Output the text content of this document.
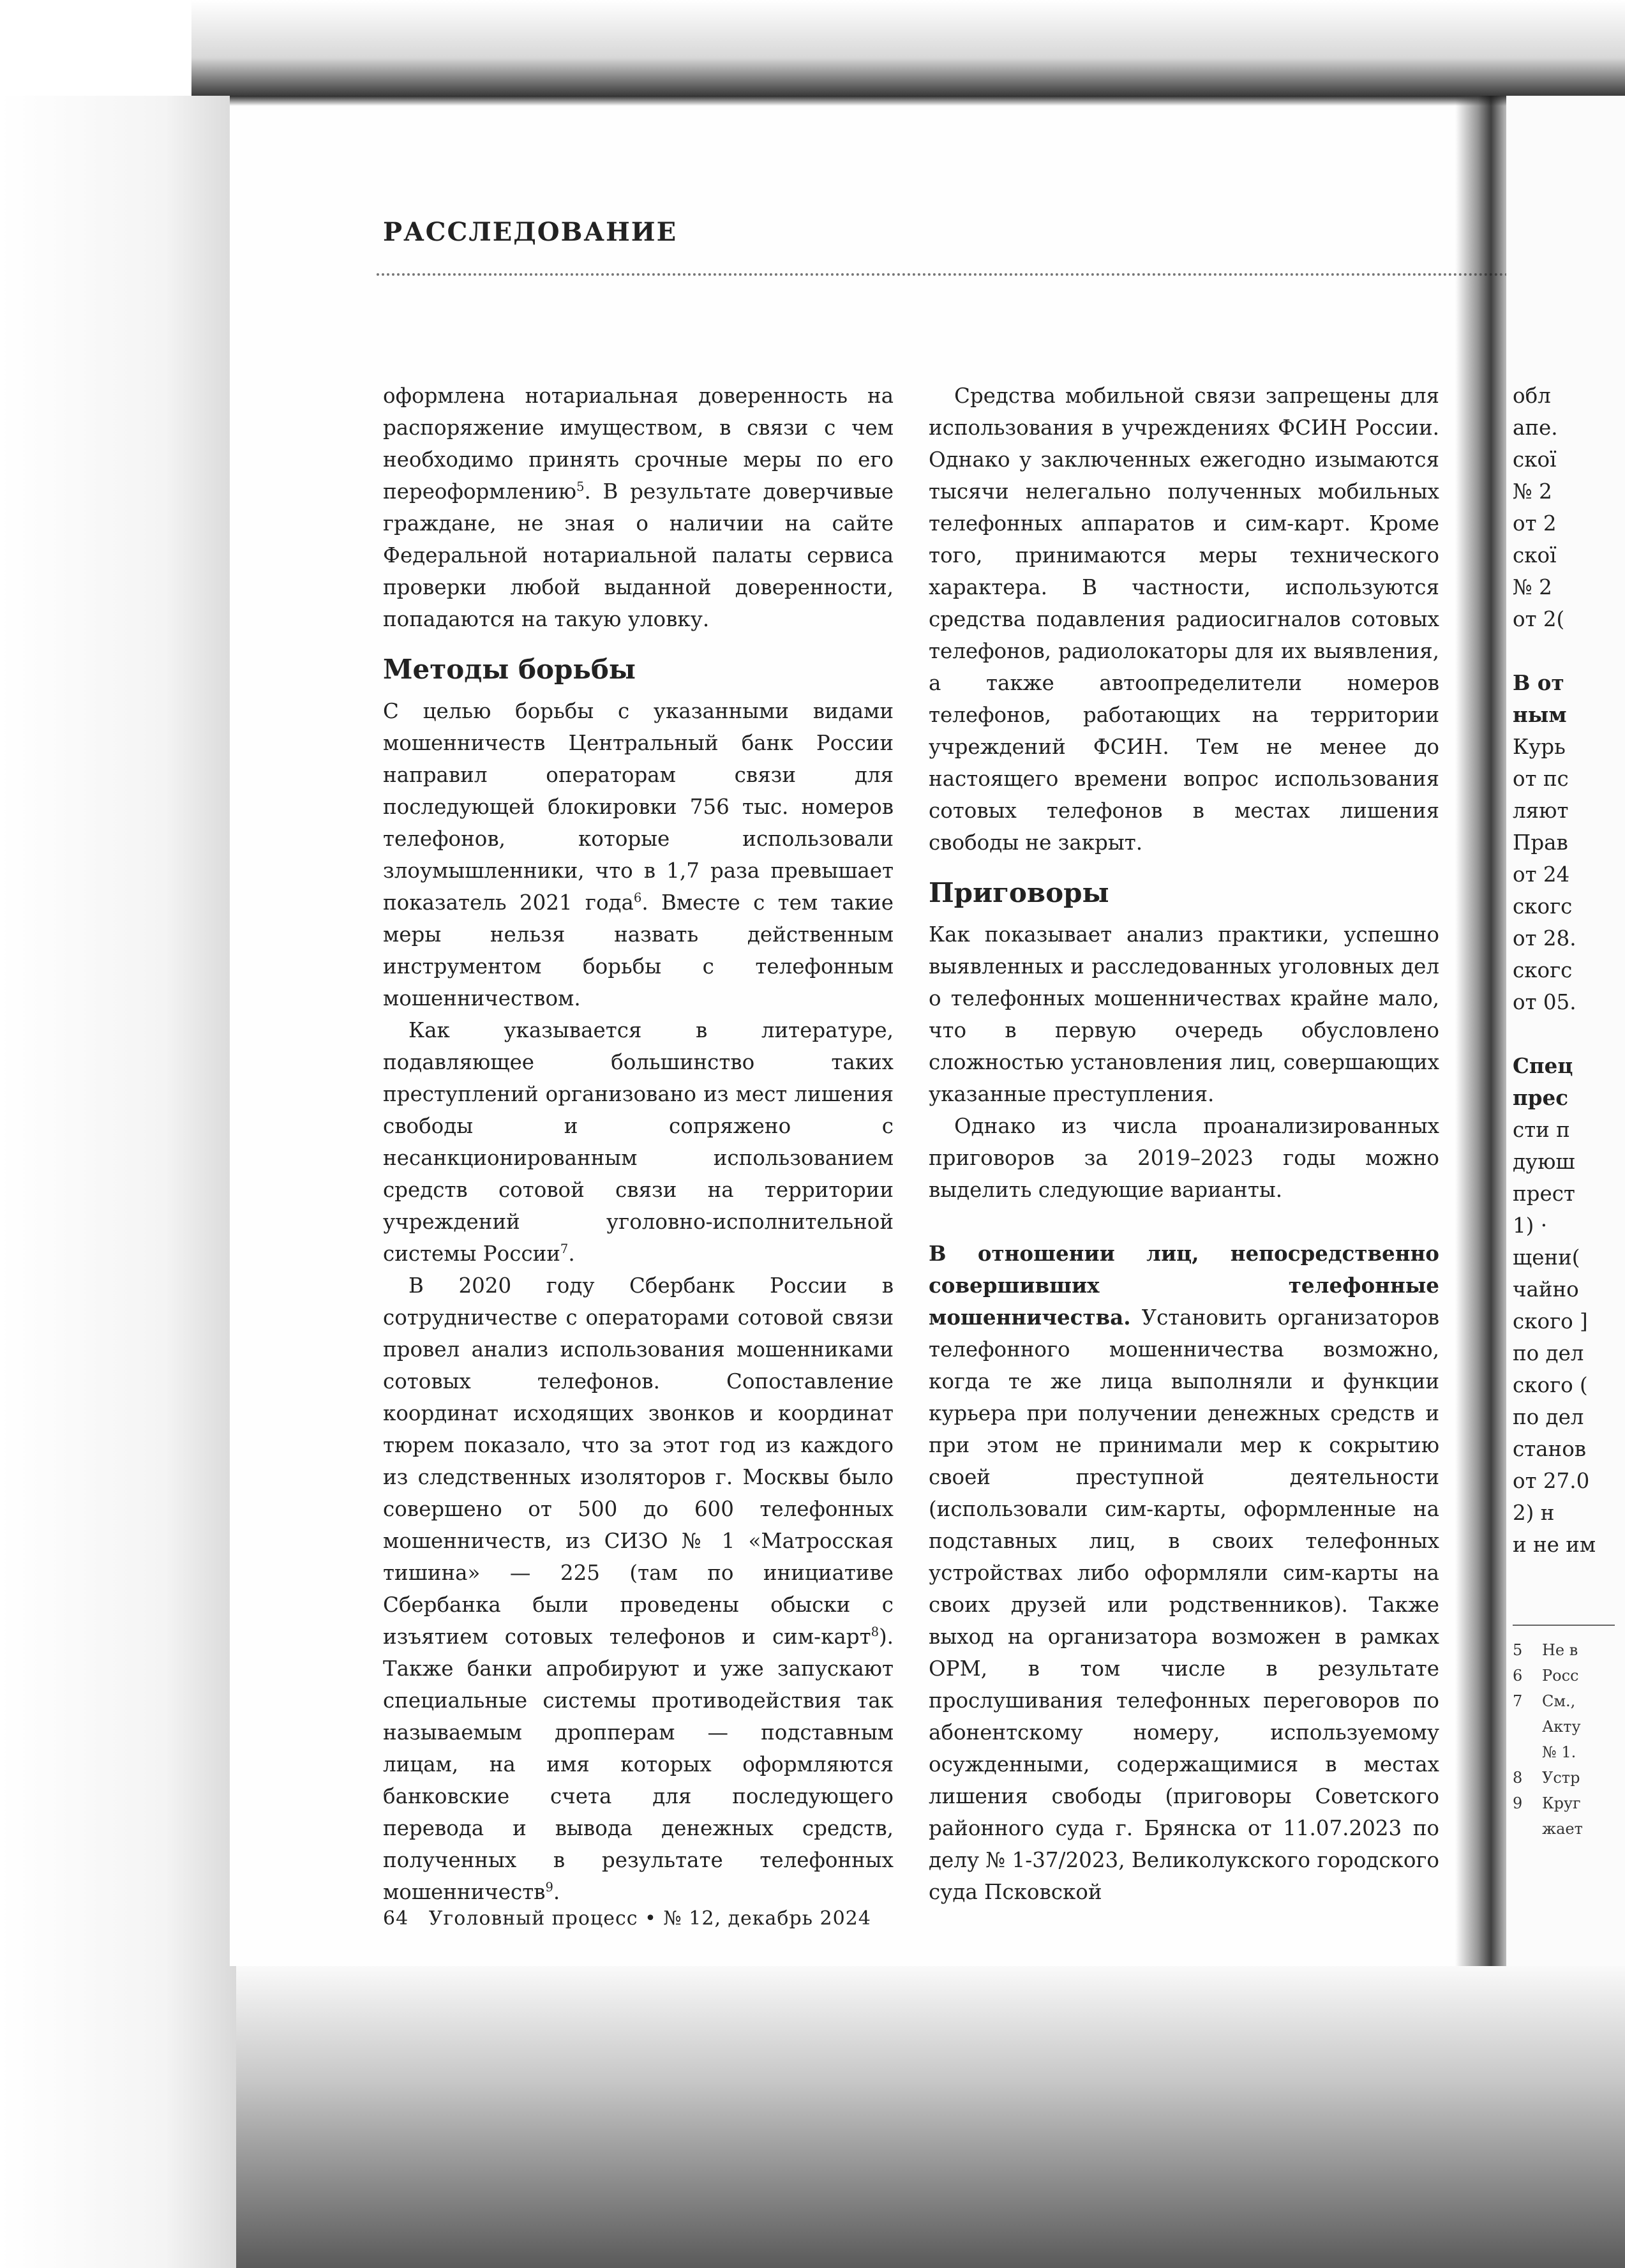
РАССЛЕДОВАНИЕ

оформлена нотариальная доверенность на распоряжение имуществом, в связи с чем необходимо принять срочные меры по его переоформлению$^5$. В результате доверчивые граждане, не зная о наличии на сайте Федеральной нотариальной палаты сервиса проверки любой выданной доверенности, попадаются на такую уловку.

Методы борьбы

С целью борьбы с указанными видами мошенничеств Центральный банк России направил операторам связи для последующей блокировки 756 тыс. номеров телефонов, которые использовали злоумышленники, что в 1,7 раза превышает показатель 2021 года$^6$. Вместе с тем такие меры нельзя назвать действенным инструментом борьбы с телефонным мошенничеством.

Как указывается в литературе, подавляющее большинство таких преступлений организовано из мест лишения свободы и сопряжено с несанкционированным использованием средств сотовой связи на территории учреждений уголовно-исполнительной системы России$^7$.

В 2020 году Сбербанк России в сотрудничестве с операторами сотовой связи провел анализ использования мошенниками сотовых телефонов. Сопоставление координат исходящих звонков и координат тюрем показало, что за этот год из каждого из следственных изоляторов г. Москвы было совершено от 500 до 600 телефонных мошенничеств, из СИЗО № 1 «Матросская тишина» — 225 (там по инициативе Сбербанка были проведены обыски с изъятием сотовых телефонов и сим-карт$^8$). Также банки апробируют и уже запускают специальные системы противодействия так называемым дропперам — подставным лицам, на имя которых оформляются банковские счета для последующего перевода и вывода денежных средств, полученных в результате телефонных мошенничеств$^9$.

Средства мобильной связи запрещены для использования в учреждениях ФСИН России. Однако у заключенных ежегодно изымаются тысячи нелегально полученных мобильных телефонных аппаратов и сим-карт. Кроме того, принимаются меры технического характера. В частности, используются средства подавления радиосигналов сотовых телефонов, радиолокаторы для их выявления, а также автоопределители номеров телефонов, работающих на территории учреждений ФСИН. Тем не менее до настоящего времени вопрос использования сотовых телефонов в местах лишения свободы не закрыт.

Приговоры

Как показывает анализ практики, успешно выявленных и расследованных уголовных дел о телефонных мошенничествах крайне мало, что в первую очередь обусловлено сложностью установления лиц, совершающих указанные преступления.

Однако из числа проанализированных приговоров за 2019–2023 годы можно выделить следующие варианты.

В отношении лиц, непосредственно совершивших телефонные мошенничества. Установить организаторов телефонного мошенничества возможно, когда те же лица выполняли и функции курьера при получении денежных средств и при этом не принимали мер к сокрытию своей преступной деятельности (использовали сим-карты, оформленные на подставных лиц, в своих телефонных устройствах либо оформляли сим-карты на своих друзей или родственников). Также выход на организатора возможен в рамках ОРМ, в том числе в результате прослушивания телефонных переговоров по абонентскому номеру, используемому осужденными, содержащимися в местах лишения свободы (приговоры Советского районного суда г. Брянска от 11.07.2023 по делу № 1-37/2023, Великолукского городского суда Псковской

64 Уголовный процесс • № 12, декабрь 2024
обл
апе.
скої
№ 2
от 2
скої
№ 2
от 2(
В от
ным
Курь
от пс
ляют
Прав
от 24
скогс
от 28.
скогс
от 05.
Спец
прес
сти п
дуюш
прест
1) ·
щени(
чайно
ского ]
по дел
ского (
по дел
станов
от 27.0
2) н
и не им
5 Не в
6 Росс
7 См.,
Акту
№ 1.
8 Устр
9 Круг
жает
